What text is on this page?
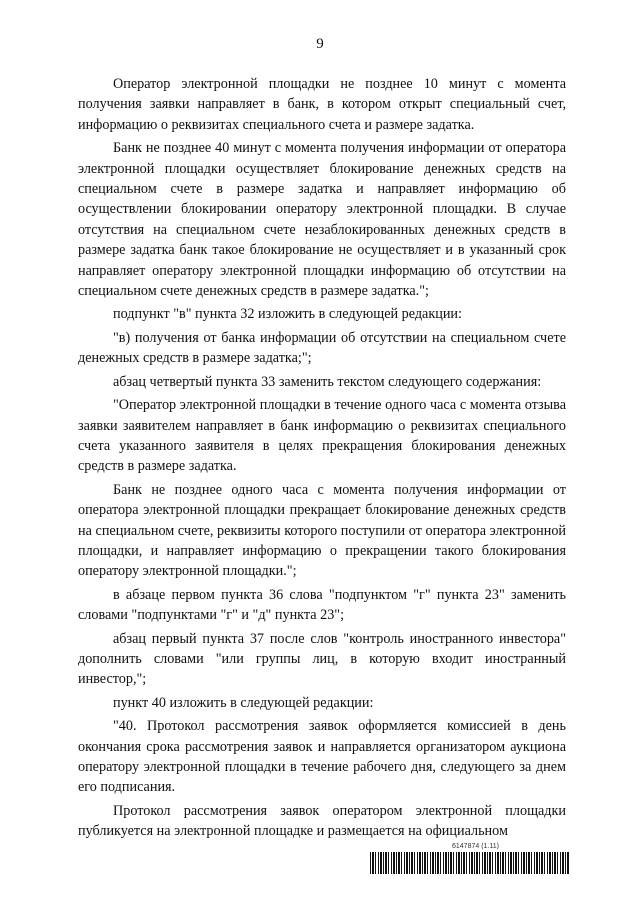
9

Оператор электронной площадки не позднее 10 минут с момента получения заявки направляет в банк, в котором открыт специальный счет, информацию о реквизитах специального счета и размере задатка.

Банк не позднее 40 минут с момента получения информации от оператора электронной площадки осуществляет блокирование денежных средств на специальном счете в размере задатка и направляет информацию об осуществлении блокировании оператору электронной площадки. В случае отсутствия на специальном счете незаблокированных денежных средств в размере задатка банк такое блокирование не осуществляет и в указанный срок направляет оператору электронной площадки информацию об отсутствии на специальном счете денежных средств в размере задатка.";

подпункт "в" пункта 32 изложить в следующей редакции:

"в) получения от банка информации об отсутствии на специальном счете денежных средств в размере задатка;";

абзац четвертый пункта 33 заменить текстом следующего содержания:

"Оператор электронной площадки в течение одного часа с момента отзыва заявки заявителем направляет в банк информацию о реквизитах специального счета указанного заявителя в целях прекращения блокирования денежных средств в размере задатка.

Банк не позднее одного часа с момента получения информации от оператора электронной площадки прекращает блокирование денежных средств на специальном счете, реквизиты которого поступили от оператора электронной площадки, и направляет информацию о прекращении такого блокирования оператору электронной площадки.";

в абзаце первом пункта 36 слова "подпунктом "г" пункта 23" заменить словами "подпунктами "г" и "д" пункта 23";

абзац первый пункта 37 после слов "контроль иностранного инвестора" дополнить словами "или группы лиц, в которую входит иностранный инвестор,";

пункт 40 изложить в следующей редакции:

"40. Протокол рассмотрения заявок оформляется комиссией в день окончания срока рассмотрения заявок и направляется организатором аукциона оператору электронной площадки в течение рабочего дня, следующего за днем его подписания.

Протокол рассмотрения заявок оператором электронной площадки публикуется на электронной площадке и размещается на официальном

6147874 (1.11)
